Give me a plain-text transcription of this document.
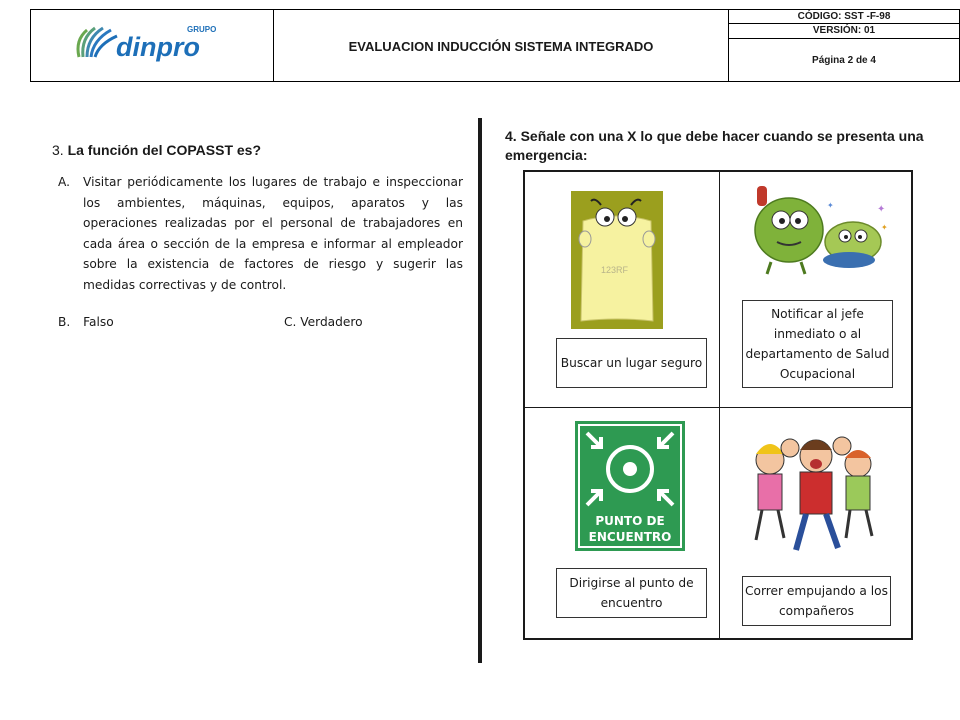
GRUPO
dinpro	EVALUACION INDUCCIÓN SISTEMA INTEGRADO
CÓDIGO: SST -F-98
VERSIÓN: 01
Página 2 de 4
3. La función del COPASST es?
A. Visitar periódicamente los lugares de trabajo e inspeccionar los ambientes, máquinas, equipos, aparatos y las operaciones realizadas por el personal de trabajadores en cada área o sección de la empresa e informar al empleador sobre la existencia de factores de riesgo y sugerir las medidas correctivas y de control.
B. Falso	C. Verdadero
4. Señale con una X lo que debe hacer cuando se presenta una emergencia:
123RF
Buscar un lugar seguro
✦
✦
✦
Notificar al jefe inmediato o al departamento de Salud Ocupacional
PUNTO DE
ENCUENTRO
Dirigirse al punto de encuentro
Correr empujando a los compañeros
